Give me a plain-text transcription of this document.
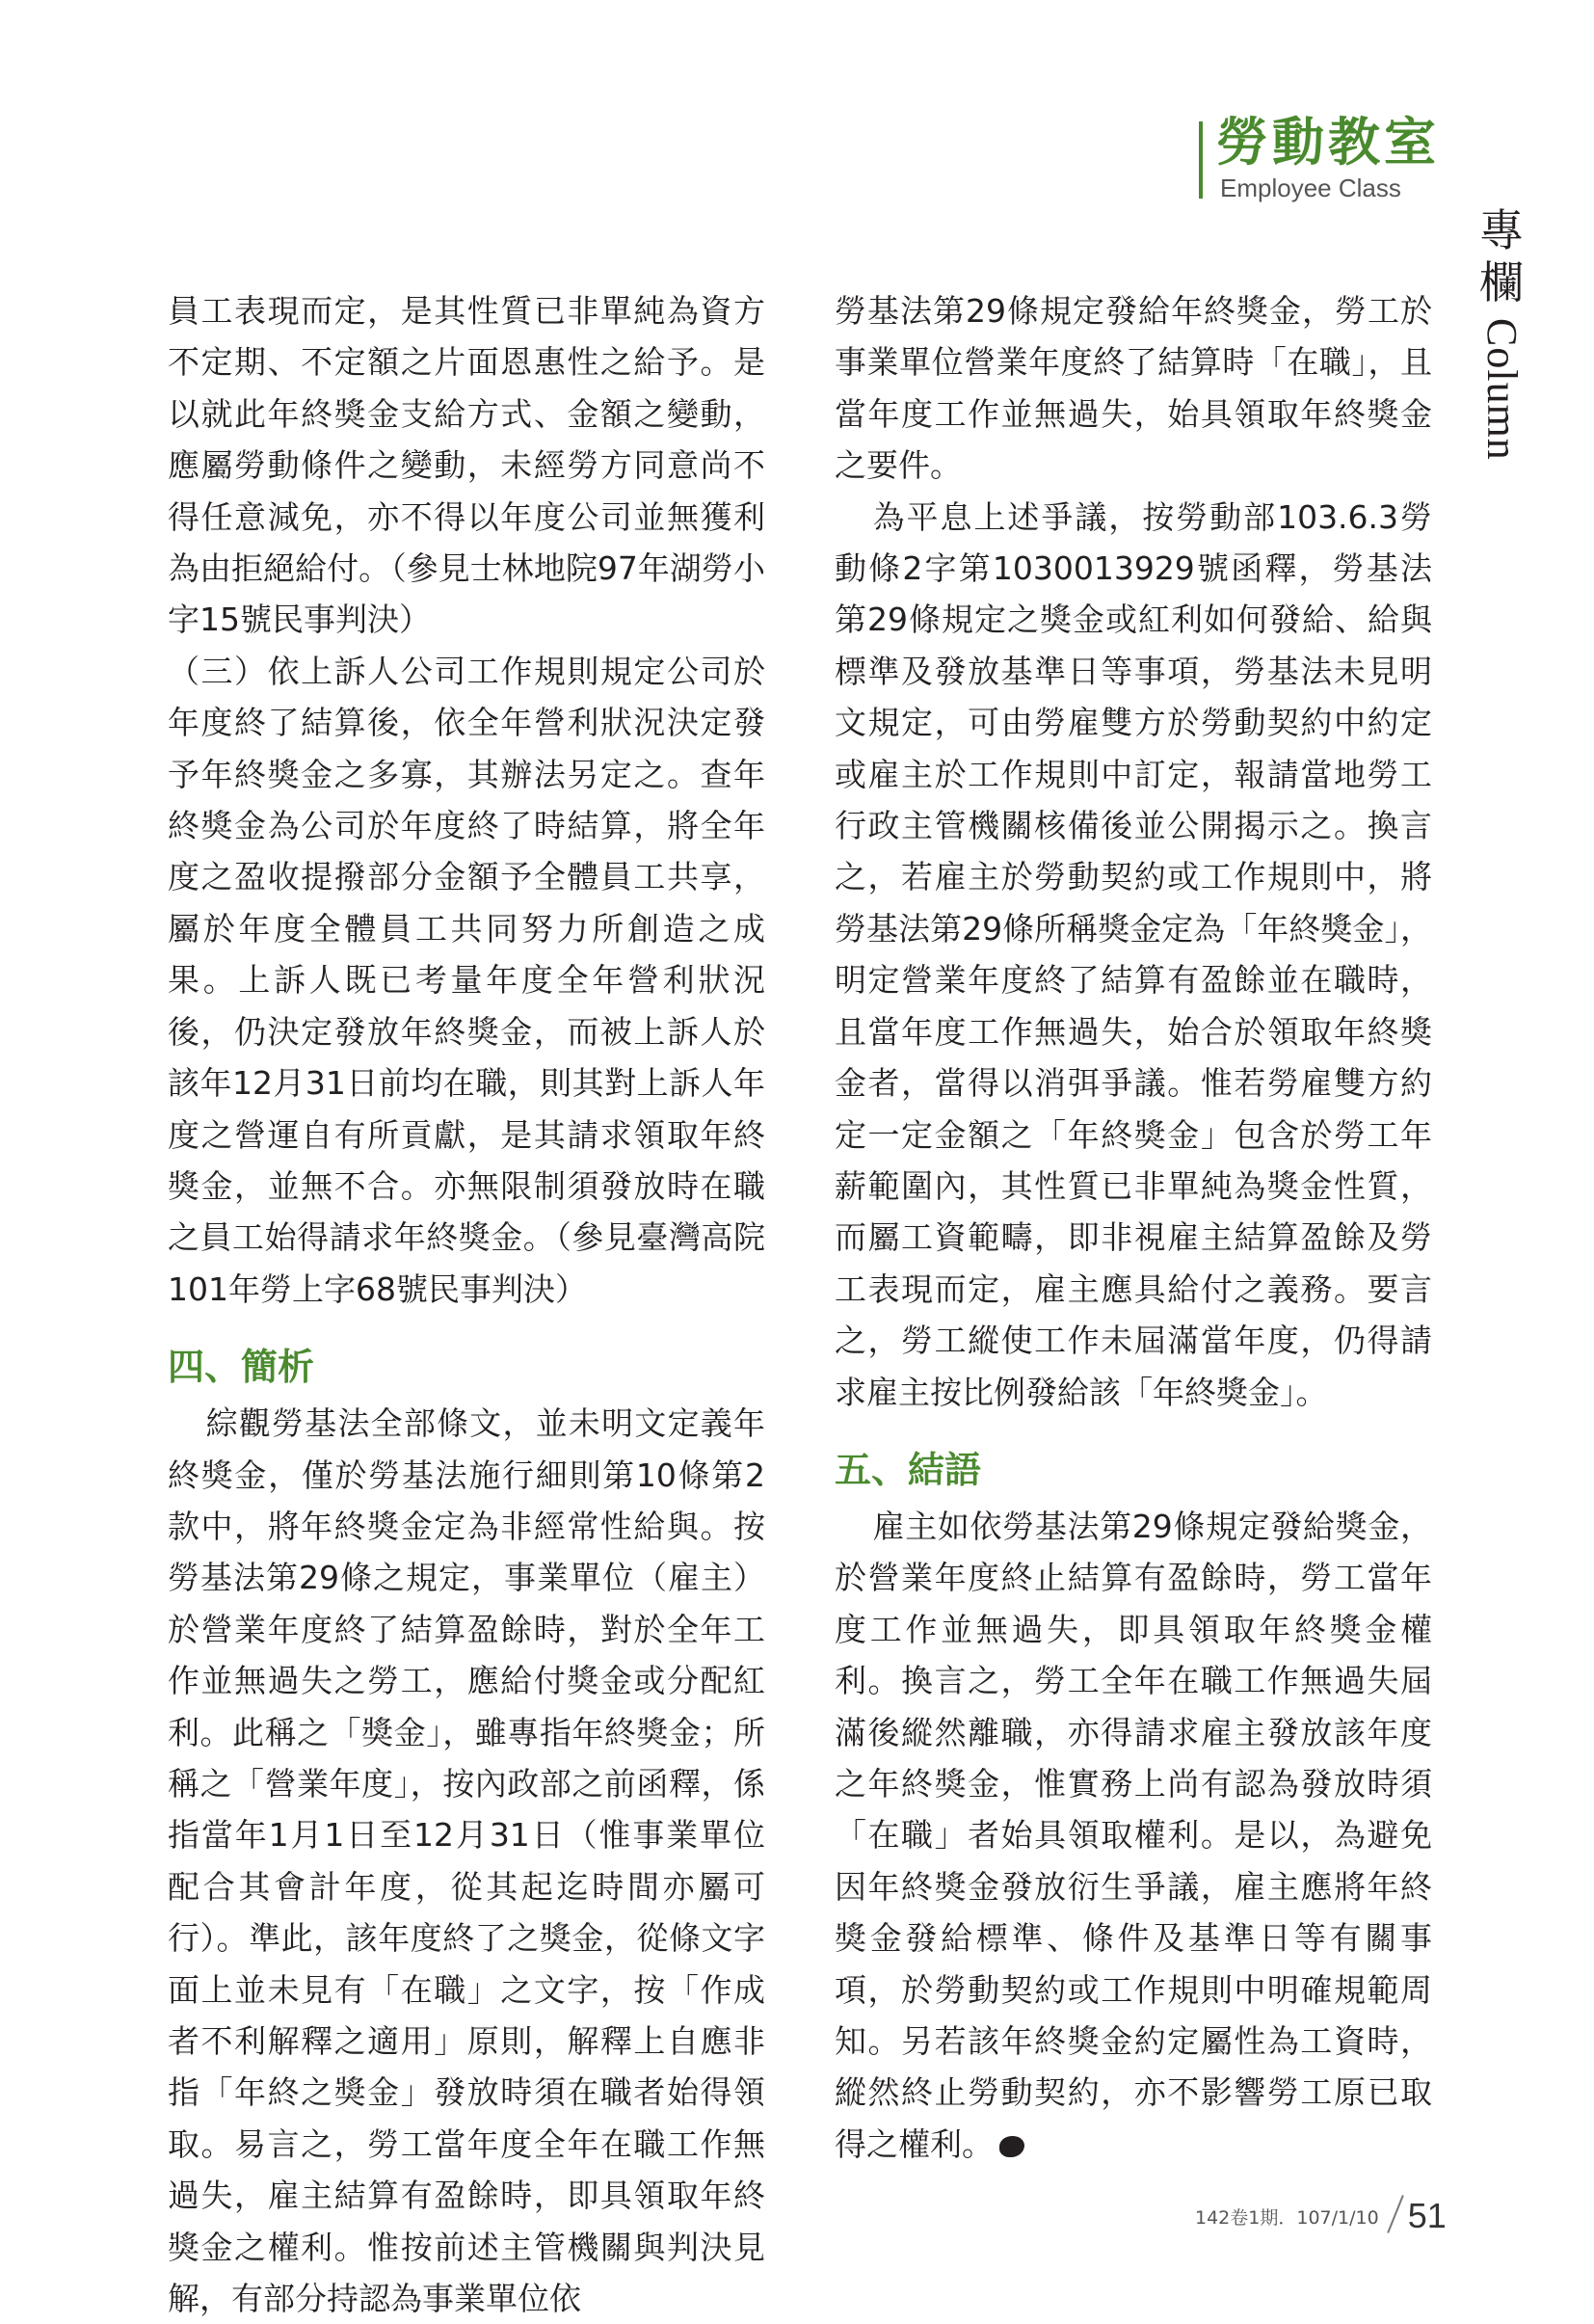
勞動教室
Employee Class
專
欄
Column

員工表現而定，是其性質已非單純為資方不定期、不定額之片面恩惠性之給予。是以就此年終獎金支給方式、金額之變動，應屬勞動條件之變動，未經勞方同意尚不得任意減免，亦不得以年度公司並無獲利為由拒絕給付。（參見士林地院97年湖勞小字15號民事判決）

（三）依上訴人公司工作規則規定公司於年度終了結算後，依全年營利狀況決定發予年終獎金之多寡，其辦法另定之。查年終獎金為公司於年度終了時結算，將全年度之盈收提撥部分金額予全體員工共享，屬於年度全體員工共同努力所創造之成果。上訴人既已考量年度全年營利狀況後，仍決定發放年終獎金，而被上訴人於該年12月31日前均在職，則其對上訴人年度之營運自有所貢獻，是其請求領取年終獎金，並無不合。亦無限制須發放時在職之員工始得請求年終獎金。（參見臺灣高院101年勞上字68號民事判決）

四、簡析

綜觀勞基法全部條文，並未明文定義年終獎金，僅於勞基法施行細則第10條第2款中，將年終獎金定為非經常性給與。按勞基法第29條之規定，事業單位（雇主）於營業年度終了結算盈餘時，對於全年工作並無過失之勞工，應給付獎金或分配紅利。此稱之「獎金」，雖專指年終獎金；所稱之「營業年度」，按內政部之前函釋，係指當年1月1日至12月31日（惟事業單位配合其會計年度，從其起迄時間亦屬可行）。準此，該年度終了之獎金，從條文字面上並未見有「在職」之文字，按「作成者不利解釋之適用」原則，解釋上自應非指「年終之獎金」發放時須在職者始得領取。易言之，勞工當年度全年在職工作無過失，雇主結算有盈餘時，即具領取年終獎金之權利。惟按前述主管機關與判決見解，有部分持認為事業單位依

勞基法第29條規定發給年終獎金，勞工於事業單位營業年度終了結算時「在職」，且當年度工作並無過失，始具領取年終獎金之要件。

為平息上述爭議，按勞動部103.6.3勞動條2字第1030013929號函釋，勞基法第29條規定之獎金或紅利如何發給、給與標準及發放基準日等事項，勞基法未見明文規定，可由勞雇雙方於勞動契約中約定或雇主於工作規則中訂定，報請當地勞工行政主管機關核備後並公開揭示之。換言之，若雇主於勞動契約或工作規則中，將勞基法第29條所稱獎金定為「年終獎金」，明定營業年度終了結算有盈餘並在職時，且當年度工作無過失，始合於領取年終獎金者，當得以消弭爭議。惟若勞雇雙方約定一定金額之「年終獎金」包含於勞工年薪範圍內，其性質已非單純為獎金性質，而屬工資範疇，即非視雇主結算盈餘及勞工表現而定，雇主應具給付之義務。要言之，勞工縱使工作未屆滿當年度，仍得請求雇主按比例發給該「年終獎金」。

五、結語

雇主如依勞基法第29條規定發給獎金，於營業年度終止結算有盈餘時，勞工當年度工作並無過失，即具領取年終獎金權利。換言之，勞工全年在職工作無過失屆滿後縱然離職，亦得請求雇主發放該年度之年終獎金，惟實務上尚有認為發放時須「在職」者始具領取權利。是以，為避免因年終獎金發放衍生爭議，雇主應將年終獎金發給標準、條件及基準日等有關事項，於勞動契約或工作規則中明確規範周知。另若該年終獎金約定屬性為工資時，縱然終止勞動契約，亦不影響勞工原已取得之權利。

142卷1期．107/1/10 51
